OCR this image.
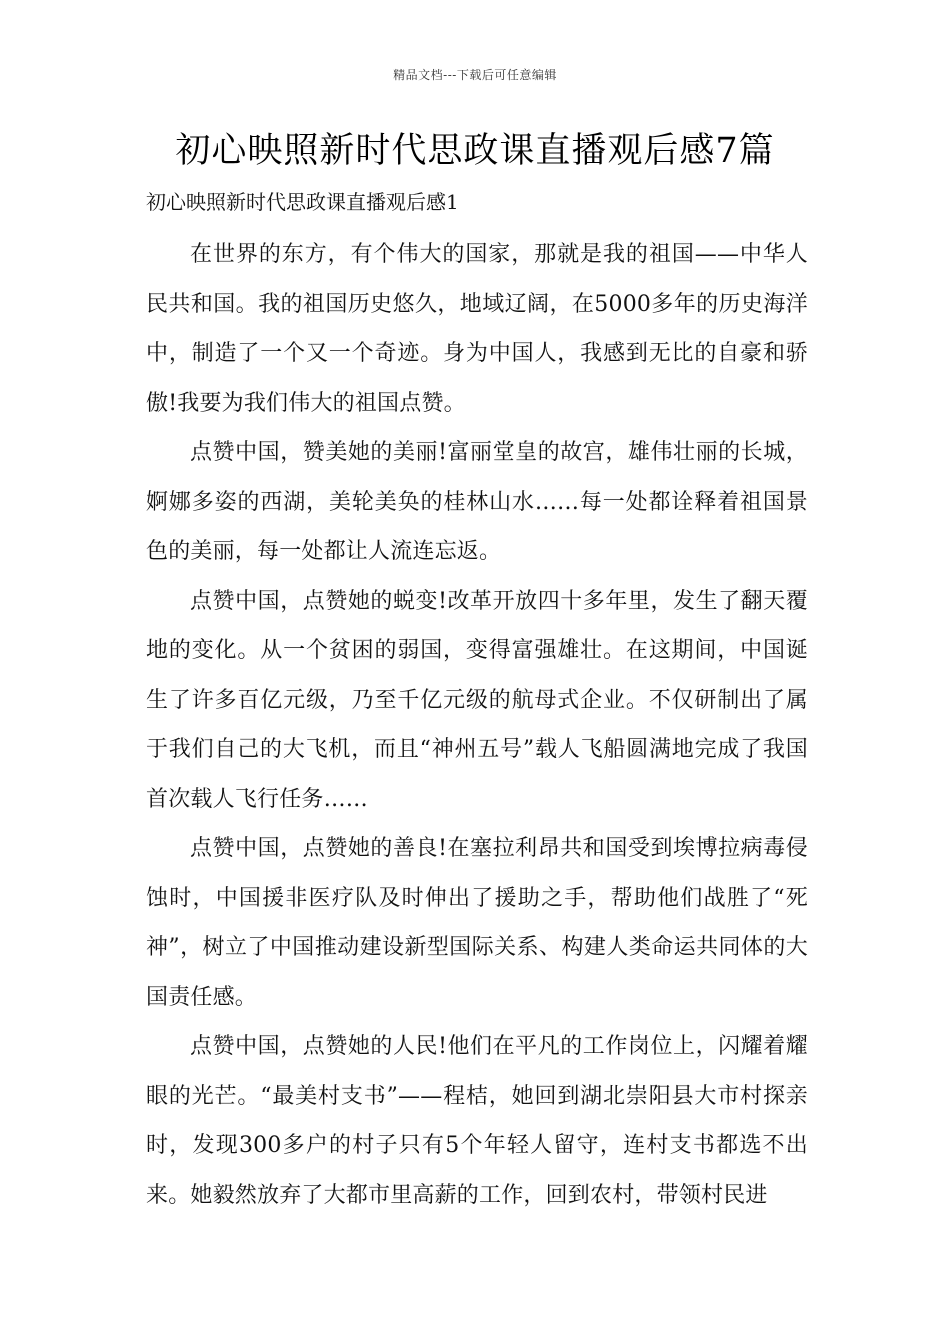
精品文档---下载后可任意编辑
初心映照新时代思政课直播观后感7篇

初心映照新时代思政课直播观后感1

在世界的东方，有个伟大的国家，那就是我的祖国——中华人民共和国。我的祖国历史悠久，地域辽阔，在5000多年的历史海洋中，制造了一个又一个奇迹。身为中国人，我感到无比的自豪和骄傲!我要为我们伟大的祖国点赞。

点赞中国，赞美她的美丽!富丽堂皇的故宫，雄伟壮丽的长城，婀娜多姿的西湖，美轮美奂的桂林山水……每一处都诠释着祖国景色的美丽，每一处都让人流连忘返。

点赞中国，点赞她的蜕变!改革开放四十多年里，发生了翻天覆地的变化。从一个贫困的弱国，变得富强雄壮。在这期间，中国诞生了许多百亿元级，乃至千亿元级的航母式企业。不仅研制出了属于我们自己的大飞机，而且“神州五号”载人飞船圆满地完成了我国首次载人飞行任务……

点赞中国，点赞她的善良!在塞拉利昂共和国受到埃博拉病毒侵蚀时，中国援非医疗队及时伸出了援助之手，帮助他们战胜了“死神”，树立了中国推动建设新型国际关系、构建人类命运共同体的大国责任感。

点赞中国，点赞她的人民!他们在平凡的工作岗位上，闪耀着耀眼的光芒。“最美村支书”——程桔，她回到湖北崇阳县大市村探亲时，发现300多户的村子只有5个年轻人留守，连村支书都选不出来。她毅然放弃了大都市里高薪的工作，回到农村，带领村民进
